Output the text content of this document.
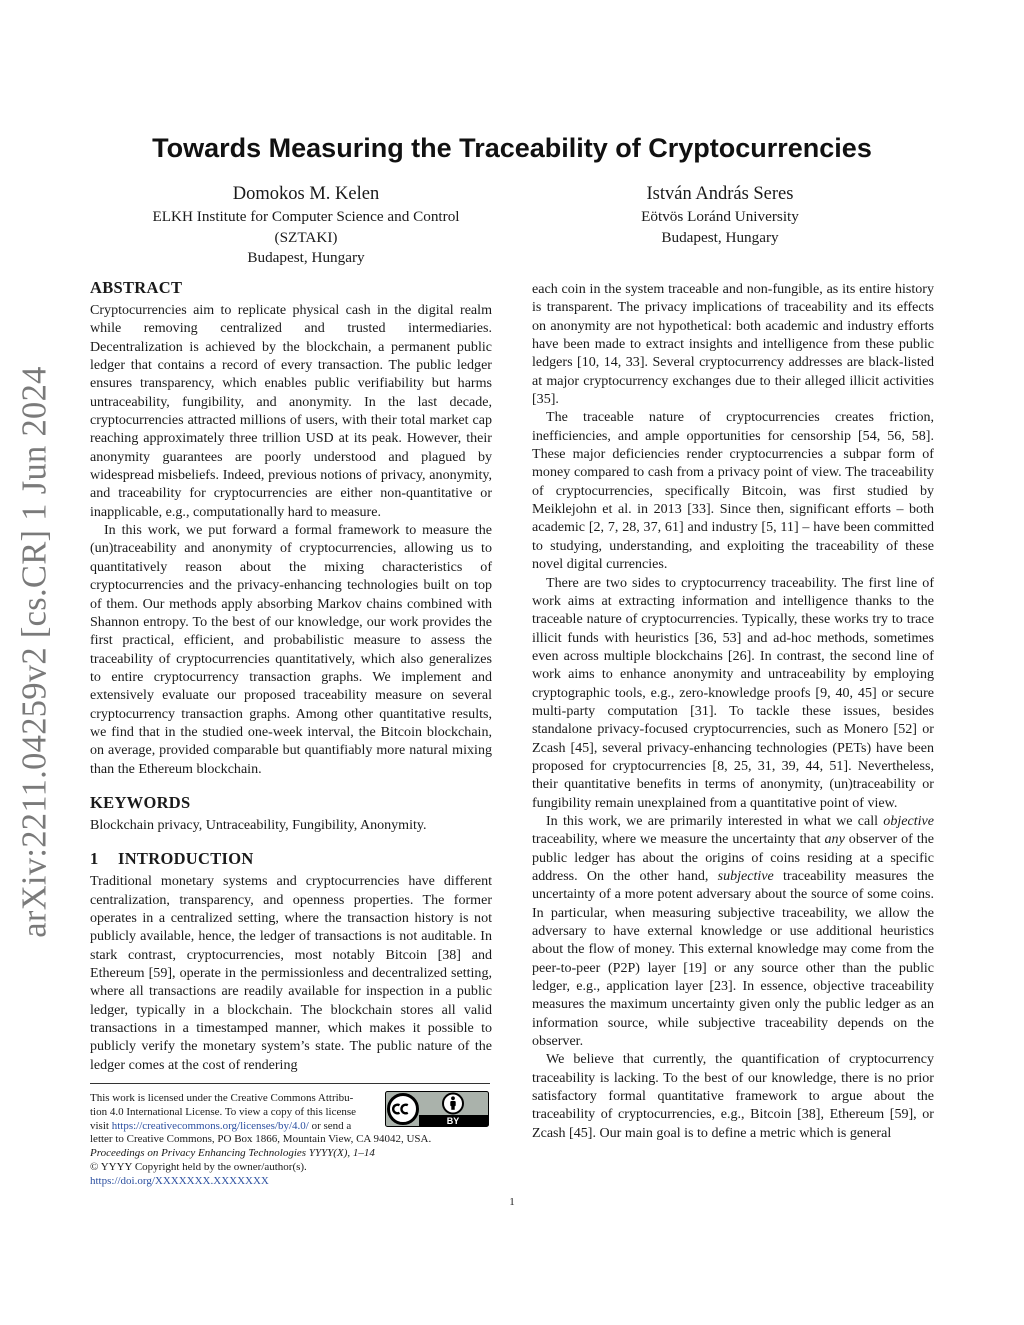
arXiv:2211.04259v2 [cs.CR] 1 Jun 2024
Towards Measuring the Traceability of Cryptocurrencies
Domokos M. Kelen
ELKH Institute for Computer Science and Control
(SZTAKI)
Budapest, Hungary
István András Seres
Eötvös Loránd University
Budapest, Hungary
ABSTRACT

Cryptocurrencies aim to replicate physical cash in the digital realm while removing centralized and trusted intermediaries. Decentralization is achieved by the blockchain, a permanent public ledger that contains a record of every transaction. The public ledger ensures transparency, which enables public verifiability but harms untraceability, fungibility, and anonymity. In the last decade, cryptocurrencies attracted millions of users, with their total market cap reaching approximately three trillion USD at its peak. However, their anonymity guarantees are poorly understood and plagued by widespread misbeliefs. Indeed, previous notions of privacy, anonymity, and traceability for cryptocurrencies are either non-quantitative or inapplicable, e.g., computationally hard to measure.

In this work, we put forward a formal framework to measure the (un)traceability and anonymity of cryptocurrencies, allowing us to quantitatively reason about the mixing characteristics of cryptocurrencies and the privacy-enhancing technologies built on top of them. Our methods apply absorbing Markov chains combined with Shannon entropy. To the best of our knowledge, our work provides the first practical, efficient, and probabilistic measure to assess the traceability of cryptocurrencies quantitatively, which also generalizes to entire cryptocurrency transaction graphs. We implement and extensively evaluate our proposed traceability measure on several cryptocurrency transaction graphs. Among other quantitative results, we find that in the studied one-week interval, the Bitcoin blockchain, on average, provided comparable but quantifiably more natural mixing than the Ethereum blockchain.

KEYWORDS

Blockchain privacy, Untraceability, Fungibility, Anonymity.

1 INTRODUCTION

Traditional monetary systems and cryptocurrencies have different centralization, transparency, and openness properties. The former operates in a centralized setting, where the transaction history is not publicly available, hence, the ledger of transactions is not auditable. In stark contrast, cryptocurrencies, most notably Bitcoin [38] and Ethereum [59], operate in the permissionless and decentralized setting, where all transactions are readily available for inspection in a public ledger, typically in a blockchain. The blockchain stores all valid transactions in a timestamped manner, which makes it possible to publicly verify the monetary system’s state. The public nature of the ledger comes at the cost of rendering

each coin in the system traceable and non-fungible, as its entire history is transparent. The privacy implications of traceability and its effects on anonymity are not hypothetical: both academic and industry efforts have been made to extract insights and intelligence from these public ledgers [10, 14, 33]. Several cryptocurrency addresses are black-listed at major cryptocurrency exchanges due to their alleged illicit activities [35].

The traceable nature of cryptocurrencies creates friction, inefficiencies, and ample opportunities for censorship [54, 56, 58]. These major deficiencies render cryptocurrencies a subpar form of money compared to cash from a privacy point of view. The traceability of cryptocurrencies, specifically Bitcoin, was first studied by Meiklejohn et al. in 2013 [33]. Since then, significant efforts – both academic [2, 7, 28, 37, 61] and industry [5, 11] – have been committed to studying, understanding, and exploiting the traceability of these novel digital currencies.

There are two sides to cryptocurrency traceability. The first line of work aims at extracting information and intelligence thanks to the traceable nature of cryptocurrencies. Typically, these works try to trace illicit funds with heuristics [36, 53] and ad-hoc methods, sometimes even across multiple blockchains [26]. In contrast, the second line of work aims to enhance anonymity and untraceability by employing cryptographic tools, e.g., zero-knowledge proofs [9, 40, 45] or secure multi-party computation [31]. To tackle these issues, besides standalone privacy-focused cryptocurrencies, such as Monero [52] or Zcash [45], several privacy-enhancing technologies (PETs) have been proposed for cryptocurrencies [8, 25, 31, 39, 44, 51]. Nevertheless, their quantitative benefits in terms of anonymity, (un)traceability or fungibility remain unexplained from a quantitative point of view.

In this work, we are primarily interested in what we call objective traceability, where we measure the uncertainty that any observer of the public ledger has about the origins of coins residing at a specific address. On the other hand, subjective traceability measures the uncertainty of a more potent adversary about the source of some coins. In particular, when measuring subjective traceability, we allow the adversary to have external knowledge or use additional heuristics about the flow of money. This external knowledge may come from the peer-to-peer (P2P) layer [19] or any source other than the public ledger, e.g., application layer [23]. In essence, objective traceability measures the maximum uncertainty given only the public ledger as an information source, while subjective traceability depends on the observer.

We believe that currently, the quantification of cryptocurrency traceability is lacking. To the best of our knowledge, there is no prior satisfactory formal quantitative framework to argue about the traceability of cryptocurrencies, e.g., Bitcoin [38], Ethereum [59], or Zcash [45]. Our main goal is to define a metric which is general

This work is licensed under the Creative Commons Attribu-
tion 4.0 International License. To view a copy of this license
visit https://creativecommons.org/licenses/by/4.0/ or send a
letter to Creative Commons, PO Box 1866, Mountain View, CA 94042, USA.
Proceedings on Privacy Enhancing Technologies YYYY(X), 1–14
© YYYY Copyright held by the owner/author(s).
https://doi.org/XXXXXXX.XXXXXXX
BY
1
